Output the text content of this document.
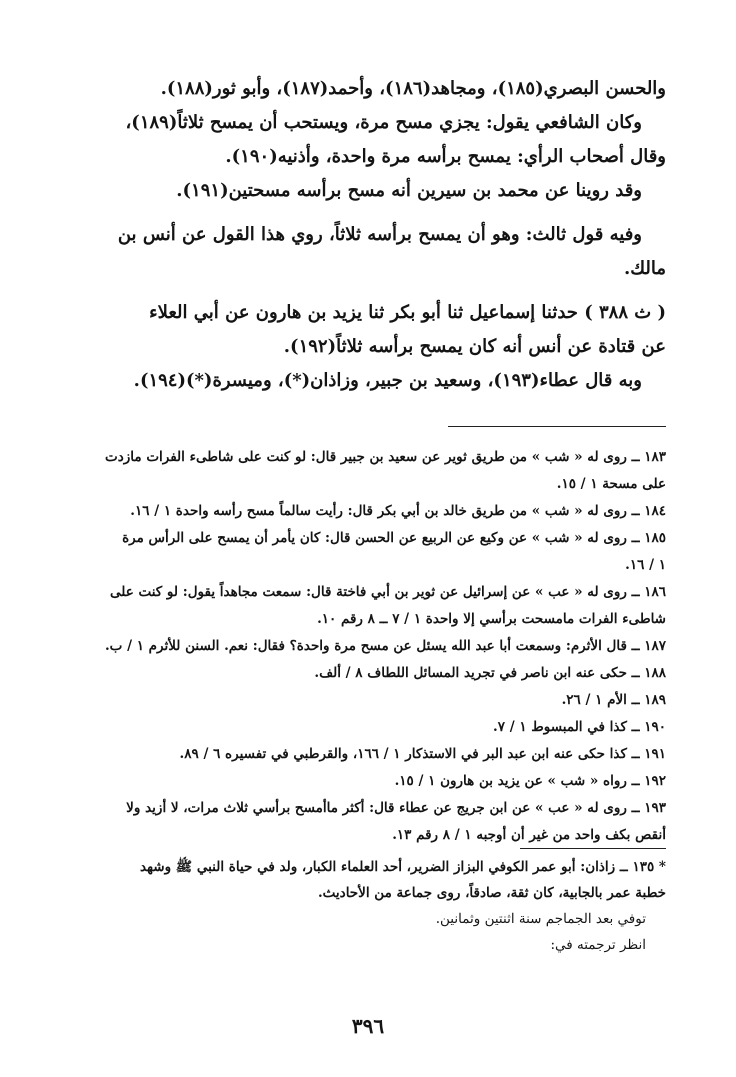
والحسن البصري(١٨٥)، ومجاهد(١٨٦)، وأحمد(١٨٧)، وأبو ثور(١٨٨).
وكان الشافعي يقول: يجزي مسح مرة، ويستحب أن يمسح ثلاثاً(١٨٩)،
وقال أصحاب الرأي: يمسح برأسه مرة واحدة، وأذنيه(١٩٠).
وقد روينا عن محمد بن سيرين أنه مسح برأسه مسحتين(١٩١).
وفيه قول ثالث: وهو أن يمسح برأسه ثلاثاً، روي هذا القول عن أنس بن
مالك.
( ث ٣٨٨ ) حدثنا إسماعيل ثنا أبو بكر ثنا يزيد بن هارون عن أبي العلاء
عن قتادة عن أنس أنه كان يمسح برأسه ثلاثاً(١٩٢).
وبه قال عطاء(١٩٣)، وسعيد بن جبير، وزاذان(*)، وميسرة(*)(١٩٤).
١٨٣ ــ روى له « شب » من طريق ثوير عن سعيد بن جبير قال: لو كنت على شاطىء الفرات مازدت
على مسحة ١ / ١٥.
١٨٤ ــ روى له « شب » من طريق خالد بن أبي بكر قال: رأيت سالماً مسح رأسه واحدة ١ / ١٦.
١٨٥ ــ روى له « شب » عن وكيع عن الربيع عن الحسن قال: كان يأمر أن يمسح على الرأس مرة
١ / ١٦.
١٨٦ ــ روى له « عب » عن إسرائيل عن ثوير بن أبي فاختة قال: سمعت مجاهداً يقول: لو كنت على
شاطىء الفرات مامسحت برأسي إلا واحدة ١ / ٧ ــ ٨ رقم ١٠.
١٨٧ ــ قال الأثرم: وسمعت أبا عبد الله يسئل عن مسح مرة واحدة؟ فقال: نعم. السنن للأثرم ١ / ب.
١٨٨ ــ حكى عنه ابن ناصر في تجريد المسائل اللطاف ٨ / ألف.
١٨٩ ــ الأم ١ / ٢٦.
١٩٠ ــ كذا في المبسوط ١ / ٧.
١٩١ ــ كذا حكى عنه ابن عبد البر في الاستذكار ١ / ١٦٦، والقرطبي في تفسيره ٦ / ٨٩.
١٩٢ ــ رواه « شب » عن يزيد بن هارون ١ / ١٥.
١٩٣ ــ روى له « عب » عن ابن جريج عن عطاء قال: أكثر ماأمسح برأسي ثلاث مرات، لا أزيد ولا
أنقص بكف واحد من غير أن أوجبه ١ / ٨ رقم ١٣.
* ١٣٥ ــ زاذان: أبو عمر الكوفي البزاز الضرير، أحد العلماء الكبار، ولد في حياة النبي ﷺ وشهد
خطبة عمر بالجابية، كان ثقة، صادقاً، روى جماعة من الأحاديث.
توفي بعد الجماجم سنة اثنتين وثمانين.
انظر ترجمته في:
٣٩٦
